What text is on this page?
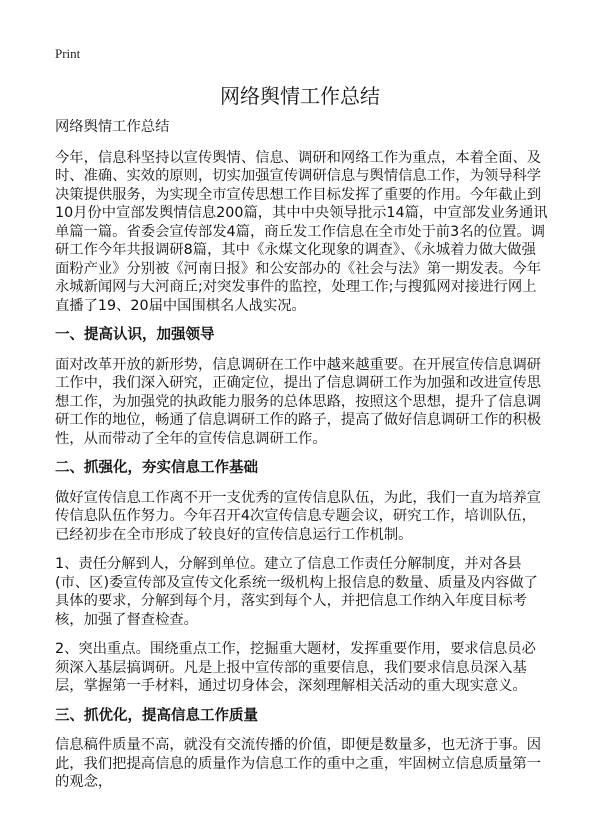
Print
网络舆情工作总结

网络舆情工作总结

今年，信息科坚持以宣传舆情、信息、调研和网络工作为重点，本着全面、及时、准确、实效的原则，切实加强宣传调研信息与舆情信息工作，为领导科学决策提供服务，为实现全市宣传思想工作目标发挥了重要的作用。今年截止到10月份中宣部发舆情信息200篇，其中中央领导批示14篇，中宣部发业务通讯单篇一篇。省委会宣传部发4篇，商丘发工作信息在全市处于前3名的位置。调研工作今年共报调研8篇，其中《永煤文化现象的调查》、《永城着力做大做强面粉产业》分别被《河南日报》和公安部办的《社会与法》第一期发表。今年永城新闻网与大河商丘;对突发事件的监控，处理工作;与搜狐网对接进行网上直播了19、20届中国围棋名人战实况。

一、提高认识，加强领导

面对改革开放的新形势，信息调研在工作中越来越重要。在开展宣传信息调研工作中，我们深入研究，正确定位，提出了信息调研工作为加强和改进宣传思想工作，为加强党的执政能力服务的总体思路，按照这个思想，提升了信息调研工作的地位，畅通了信息调研工作的路子，提高了做好信息调研工作的积极性，从而带动了全年的宣传信息调研工作。

二、抓强化，夯实信息工作基础

做好宣传信息工作离不开一支优秀的宣传信息队伍，为此，我们一直为培养宣传信息队伍作努力。今年召开4次宣传信息专题会议，研究工作，培训队伍，已经初步在全市形成了较良好的宣传信息运行工作机制。

1、责任分解到人，分解到单位。建立了信息工作责任分解制度，并对各县(市、区)委宣传部及宣传文化系统一级机构上报信息的数量、质量及内容做了具体的要求，分解到每个月，落实到每个人，并把信息工作纳入年度目标考核，加强了督查检查。

2、突出重点。围绕重点工作，挖掘重大题材，发挥重要作用，要求信息员必须深入基层搞调研。凡是上报中宣传部的重要信息，我们要求信息员深入基层，掌握第一手材料，通过切身体会，深刻理解相关活动的重大现实意义。

三、抓优化，提高信息工作质量

信息稿件质量不高，就没有交流传播的价值，即便是数量多，也无济于事。因此，我们把提高信息的质量作为信息工作的重中之重，牢固树立信息质量第一的观念，
